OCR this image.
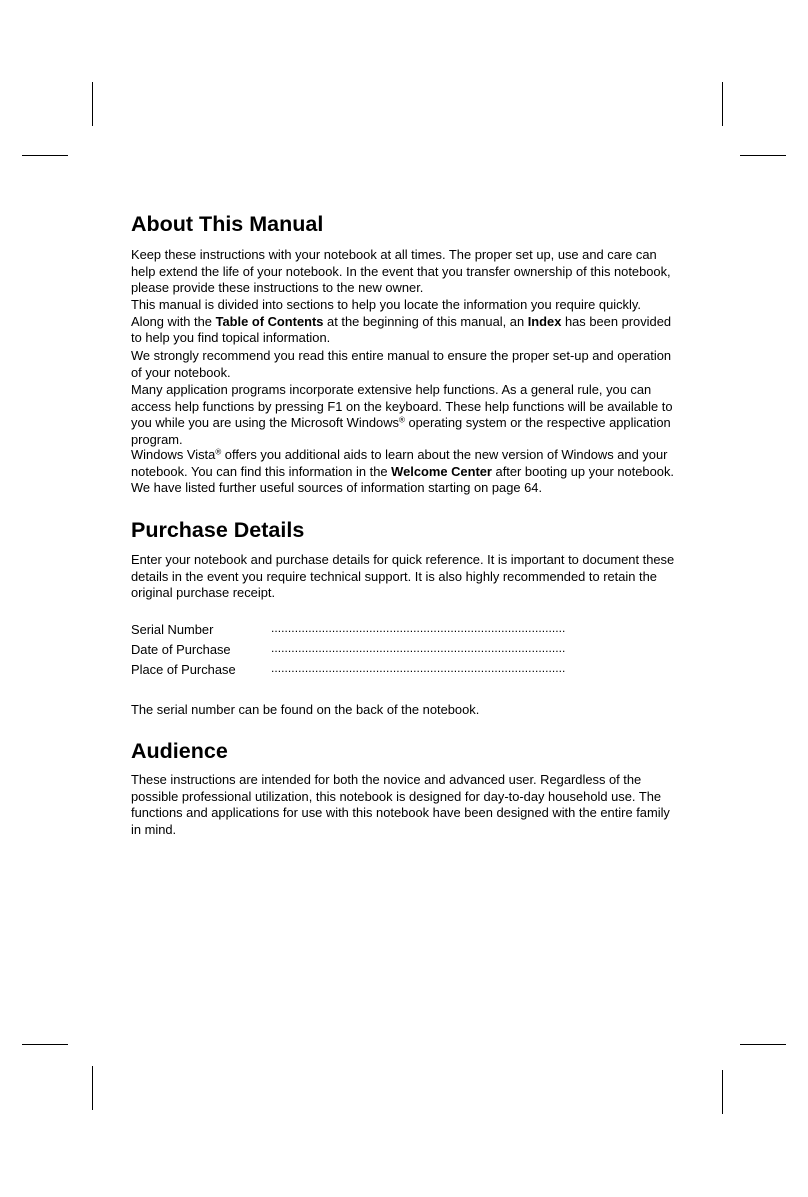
About This Manual

Keep these instructions with your notebook at all times. The proper set up, use and care can help extend the life of your notebook. In the event that you transfer ownership of this notebook, please provide these instructions to the new owner.

This manual is divided into sections to help you locate the information you require quickly. Along with the Table of Contents at the beginning of this manual, an Index has been provided to help you find topical information.

We strongly recommend you read this entire manual to ensure the proper set-up and operation of your notebook.

Many application programs incorporate extensive help functions. As a general rule, you can access help functions by pressing F1 on the keyboard. These help functions will be available to you while you are using the Microsoft Windows® operating system or the respective application program.

Windows Vista® offers you additional aids to learn about the new version of Windows and your notebook. You can find this information in the Welcome Center after booting up your notebook. We have listed further useful sources of information starting on page 64.

Purchase Details

Enter your notebook and purchase details for quick reference. It is important to document these details in the event you require technical support. It is also highly recommended to retain the original purchase receipt.

Serial Number	.......................................................................................
Date of Purchase	.......................................................................................
Place of Purchase	.......................................................................................

The serial number can be found on the back of the notebook.

Audience

These instructions are intended for both the novice and advanced user. Regardless of the possible professional utilization, this notebook is designed for day-to-day household use. The functions and applications for use with this notebook have been designed with the entire family in mind.
